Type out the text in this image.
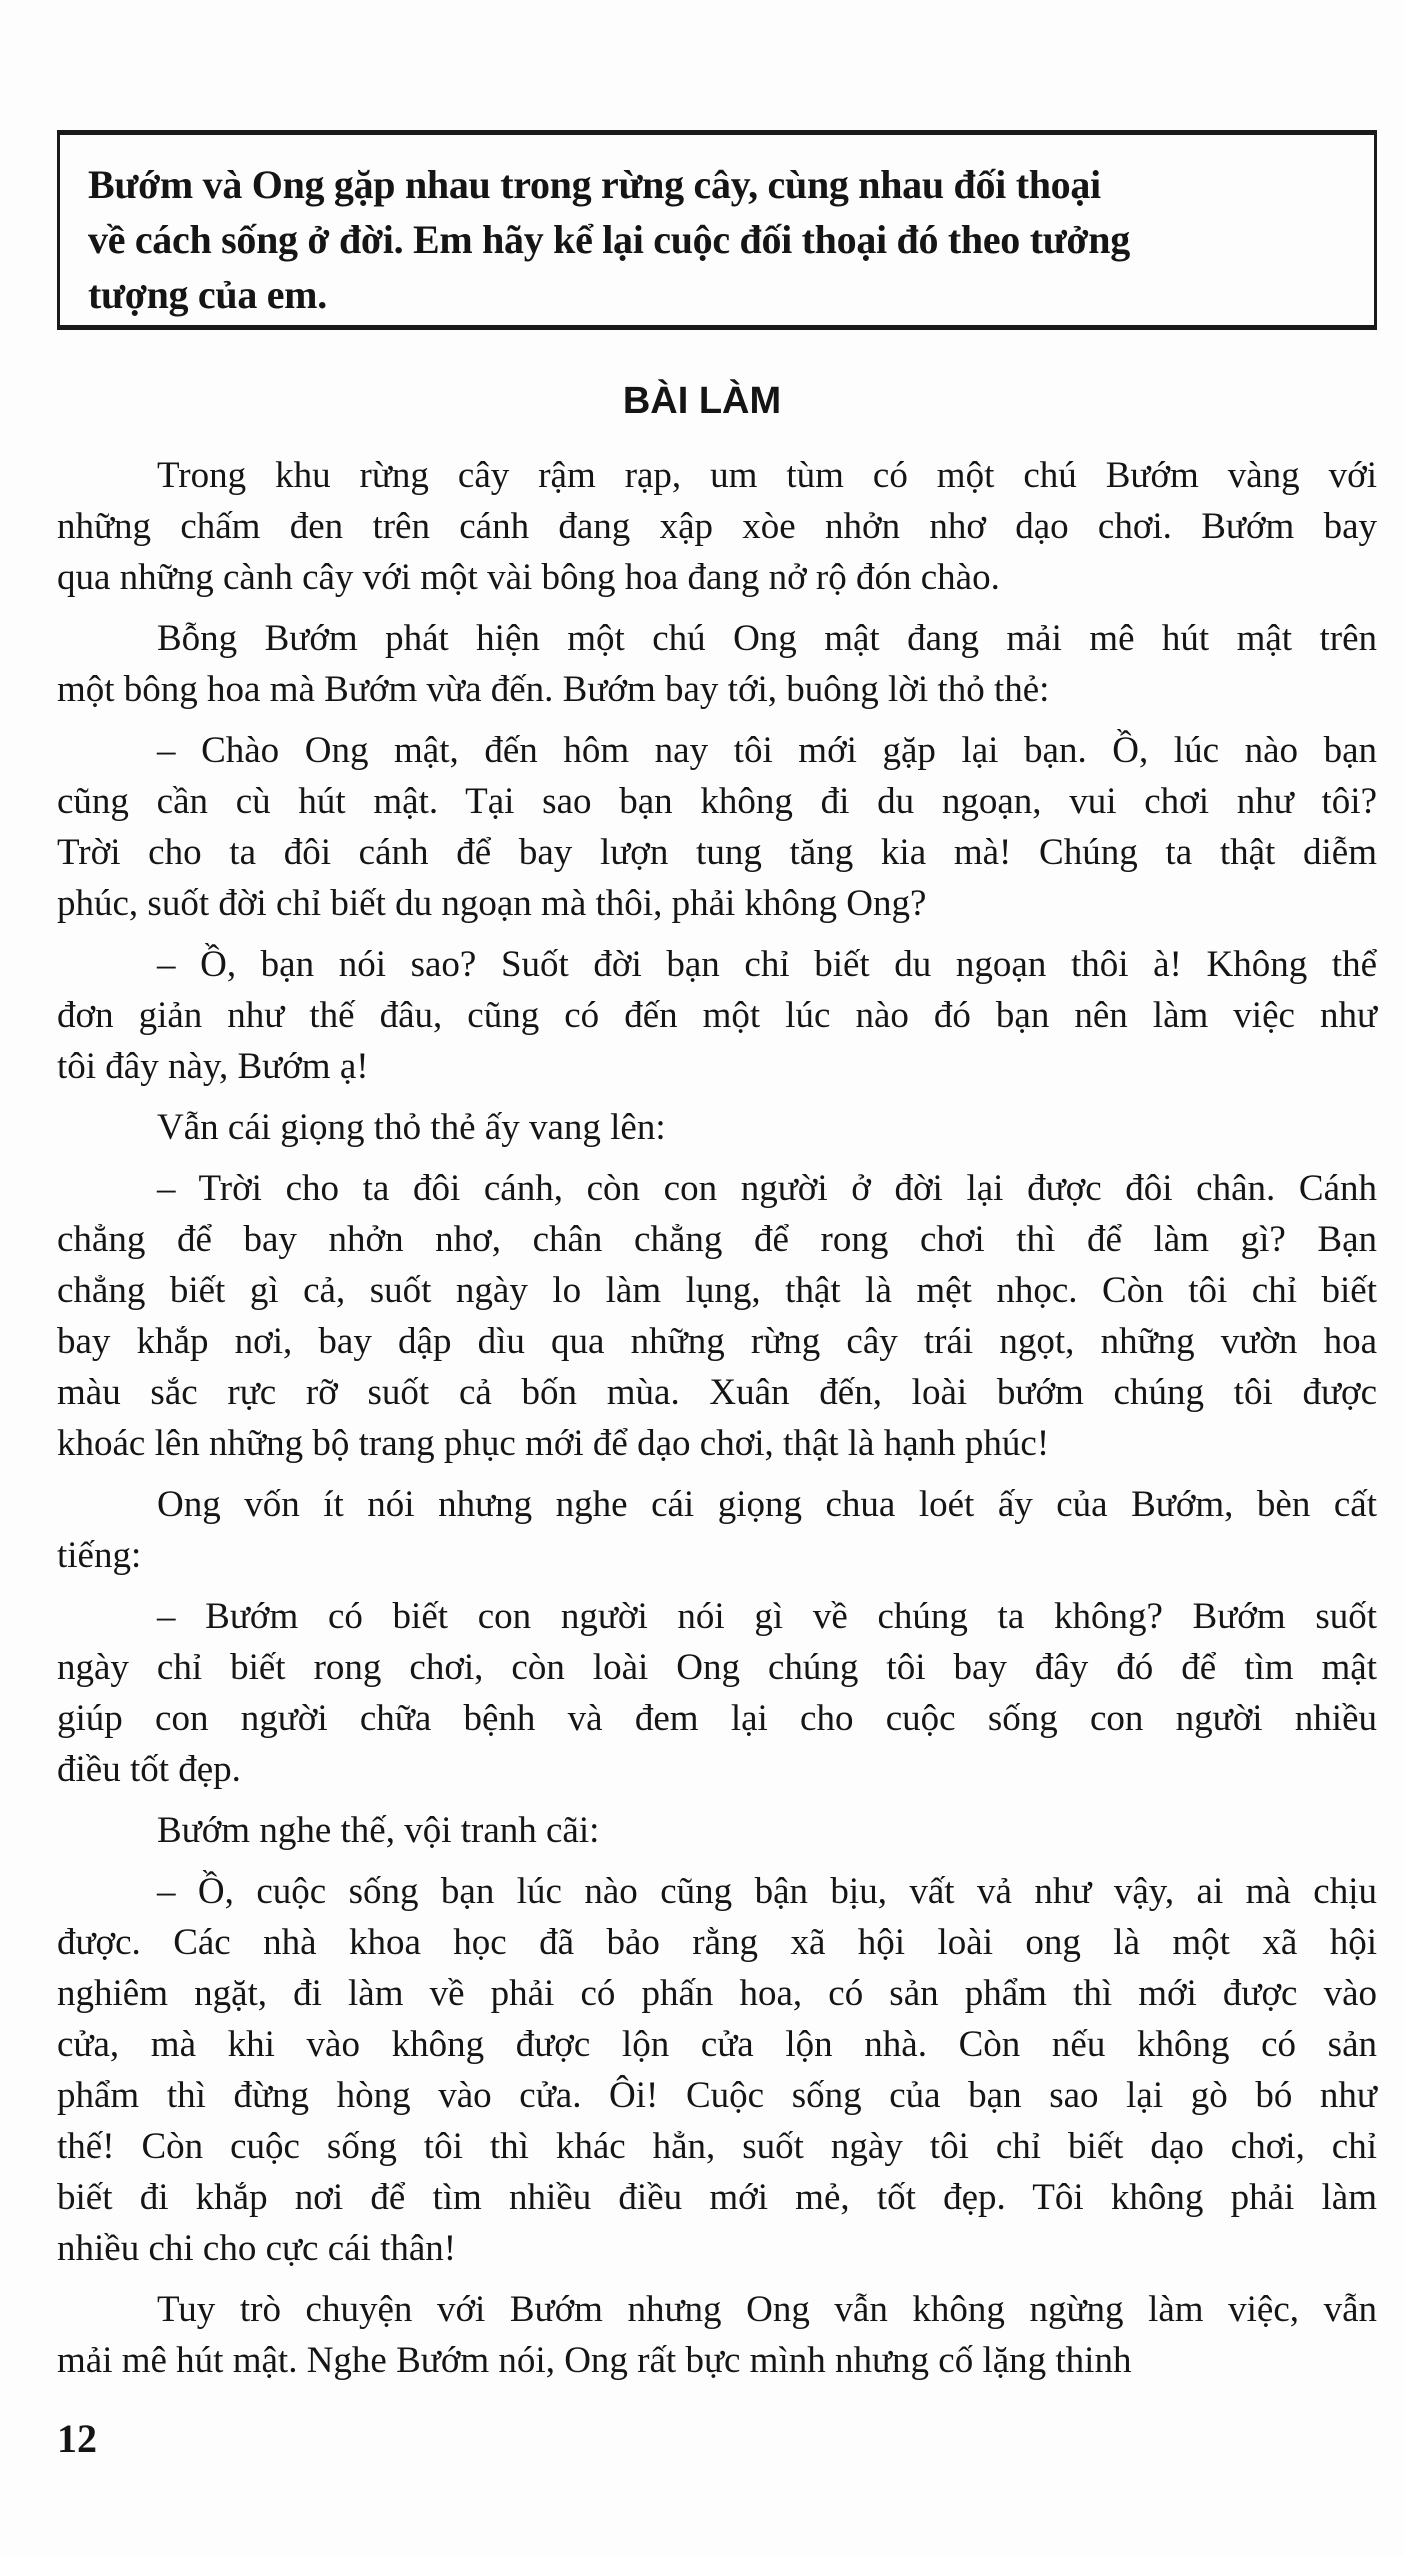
Bướm và Ong gặp nhau trong rừng cây, cùng nhau đối thoại
về cách sống ở đời. Em hãy kể lại cuộc đối thoại đó theo tưởng
tượng của em.
BÀI LÀM
Trong khu rừng cây rậm rạp, um tùm có một chú Bướm vàng với
những chấm đen trên cánh đang xập xòe nhởn nhơ dạo chơi. Bướm bay
qua những cành cây với một vài bông hoa đang nở rộ đón chào.
Bỗng Bướm phát hiện một chú Ong mật đang mải mê hút mật trên
một bông hoa mà Bướm vừa đến. Bướm bay tới, buông lời thỏ thẻ:
– Chào Ong mật, đến hôm nay tôi mới gặp lại bạn. Ồ, lúc nào bạn
cũng cần cù hút mật. Tại sao bạn không đi du ngoạn, vui chơi như tôi?
Trời cho ta đôi cánh để bay lượn tung tăng kia mà! Chúng ta thật diễm
phúc, suốt đời chỉ biết du ngoạn mà thôi, phải không Ong?
– Ồ, bạn nói sao? Suốt đời bạn chỉ biết du ngoạn thôi à! Không thể
đơn giản như thế đâu, cũng có đến một lúc nào đó bạn nên làm việc như
tôi đây này, Bướm ạ!
Vẫn cái giọng thỏ thẻ ấy vang lên:
– Trời cho ta đôi cánh, còn con người ở đời lại được đôi chân. Cánh
chẳng để bay nhởn nhơ, chân chẳng để rong chơi thì để làm gì? Bạn
chẳng biết gì cả, suốt ngày lo làm lụng, thật là mệt nhọc. Còn tôi chỉ biết
bay khắp nơi, bay dập dìu qua những rừng cây trái ngọt, những vườn hoa
màu sắc rực rỡ suốt cả bốn mùa. Xuân đến, loài bướm chúng tôi được
khoác lên những bộ trang phục mới để dạo chơi, thật là hạnh phúc!
Ong vốn ít nói nhưng nghe cái giọng chua loét ấy của Bướm, bèn cất
tiếng:
– Bướm có biết con người nói gì về chúng ta không? Bướm suốt
ngày chỉ biết rong chơi, còn loài Ong chúng tôi bay đây đó để tìm mật
giúp con người chữa bệnh và đem lại cho cuộc sống con người nhiều
điều tốt đẹp.
Bướm nghe thế, vội tranh cãi:
– Ồ, cuộc sống bạn lúc nào cũng bận bịu, vất vả như vậy, ai mà chịu
được. Các nhà khoa học đã bảo rằng xã hội loài ong là một xã hội
nghiêm ngặt, đi làm về phải có phấn hoa, có sản phẩm thì mới được vào
cửa, mà khi vào không được lộn cửa lộn nhà. Còn nếu không có sản
phẩm thì đừng hòng vào cửa. Ôi! Cuộc sống của bạn sao lại gò bó như
thế! Còn cuộc sống tôi thì khác hẳn, suốt ngày tôi chỉ biết dạo chơi, chỉ
biết đi khắp nơi để tìm nhiều điều mới mẻ, tốt đẹp. Tôi không phải làm
nhiều chi cho cực cái thân!
Tuy trò chuyện với Bướm nhưng Ong vẫn không ngừng làm việc, vẫn
mải mê hút mật. Nghe Bướm nói, Ong rất bực mình nhưng cố lặng thinh
12
